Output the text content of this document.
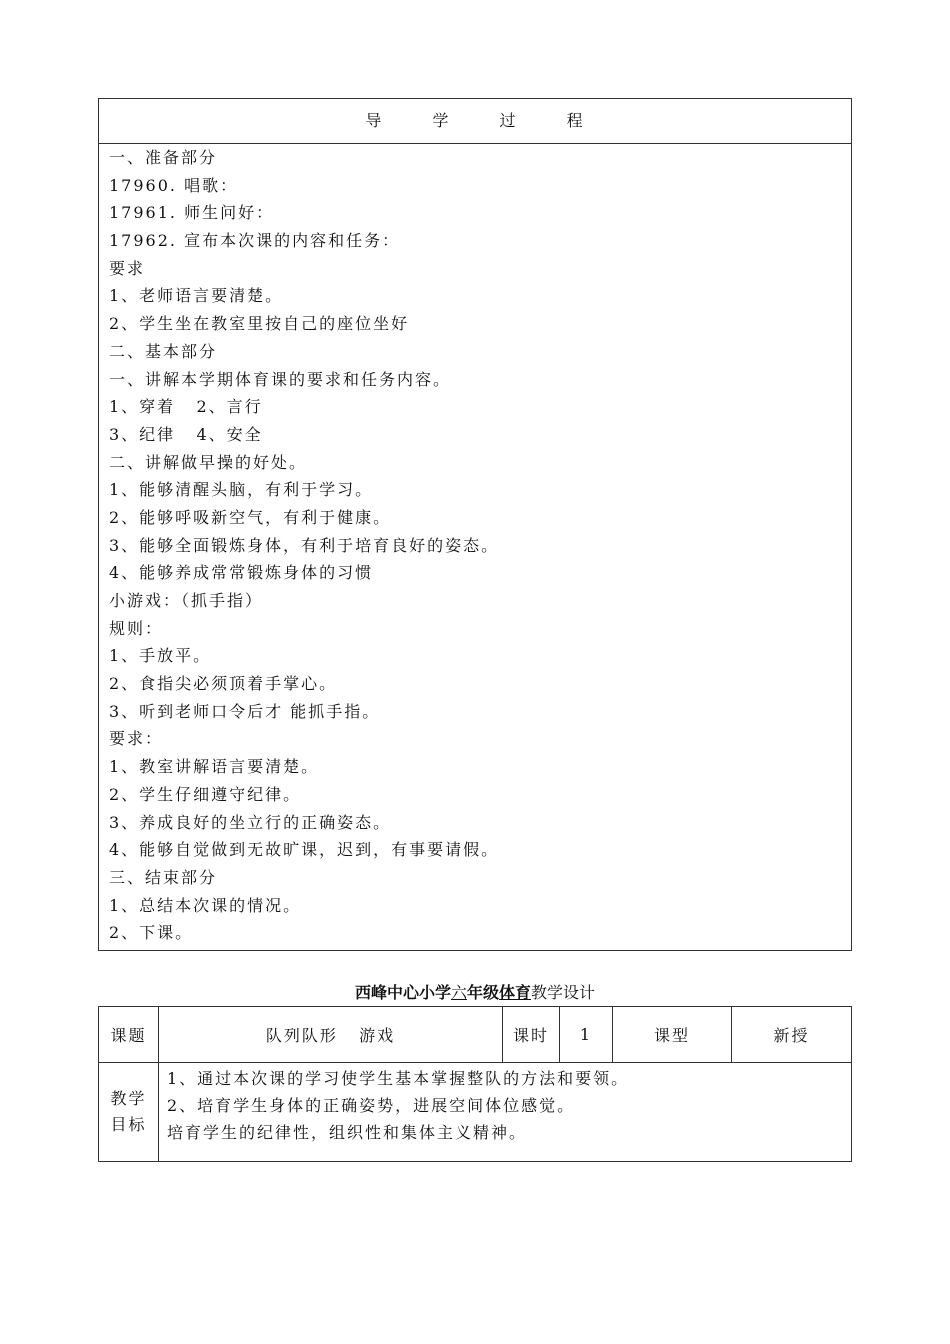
导 学 过 程
一、准备部分
17960. 唱歌：
17961. 师生问好：
17962. 宣布本次课的内容和任务：
要求
1、老师语言要清楚。
2、学生坐在教室里按自己的座位坐好
二、基本部分
一、讲解本学期体育课的要求和任务内容。
1、穿着   2、言行
3、纪律   4、安全
二、讲解做早操的好处。
1、能够清醒头脑，有利于学习。
2、能够呼吸新空气，有利于健康。
3、能够全面锻炼身体，有利于培育良好的姿态。
4、能够养成常常锻炼身体的习惯
小游戏：（抓手指）
规则：
1、手放平。
2、食指尖必须顶着手掌心。
3、听到老师口令后才 能抓手指。
要求：
1、教室讲解语言要清楚。
2、学生仔细遵守纪律。
3、养成良好的坐立行的正确姿态。
4、能够自觉做到无故旷课，迟到，有事要请假。
三、结束部分
1、总结本次课的情况。
2、下课。
西峰中心小学六年级体育教学设计
课题	队列队形   游戏	课时	1	课型	新授
教学
目标
1、通过本次课的学习使学生基本掌握整队的方法和要领。
2、培育学生身体的正确姿势，进展空间体位感觉。
培育学生的纪律性，组织性和集体主义精神。
